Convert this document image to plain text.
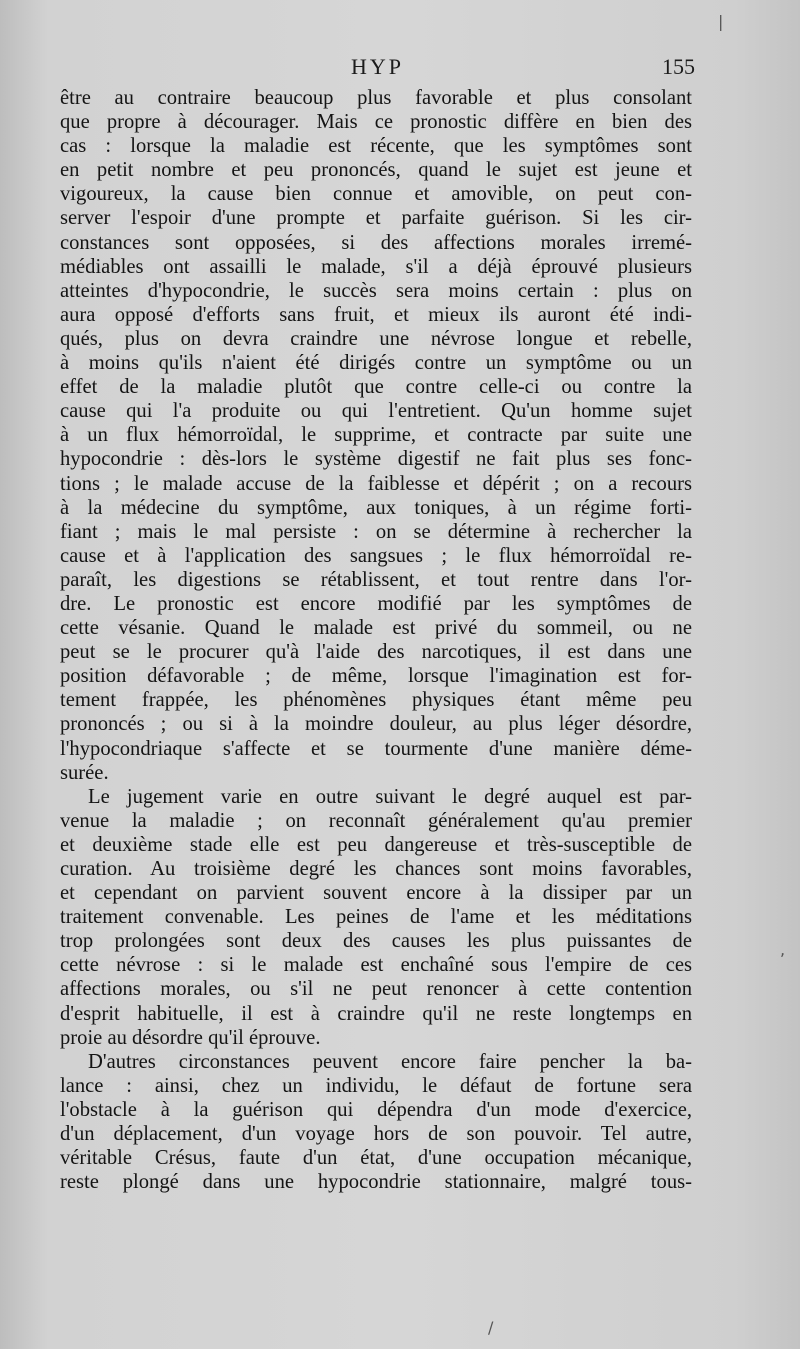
|
,
/
HYP	155

être au contraire beaucoup plus favorable et plus consolant
que propre à décourager. Mais ce pronostic diffère en bien des
cas : lorsque la maladie est récente, que les symptômes sont
en petit nombre et peu prononcés, quand le sujet est jeune et
vigoureux, la cause bien connue et amovible, on peut con-
server l'espoir d'une prompte et parfaite guérison. Si les cir-
constances sont opposées, si des affections morales irremé-
médiables ont assailli le malade, s'il a déjà éprouvé plusieurs
atteintes d'hypocondrie, le succès sera moins certain : plus on
aura opposé d'efforts sans fruit, et mieux ils auront été indi-
qués, plus on devra craindre une névrose longue et rebelle,
à moins qu'ils n'aient été dirigés contre un symptôme ou un
effet de la maladie plutôt que contre celle-ci ou contre la
cause qui l'a produite ou qui l'entretient. Qu'un homme sujet
à un flux hémorroïdal, le supprime, et contracte par suite une
hypocondrie : dès-lors le système digestif ne fait plus ses fonc-
tions ; le malade accuse de la faiblesse et dépérit ; on a recours
à la médecine du symptôme, aux toniques, à un régime forti-
fiant ; mais le mal persiste : on se détermine à rechercher la
cause et à l'application des sangsues ; le flux hémorroïdal re-
paraît, les digestions se rétablissent, et tout rentre dans l'or-
dre. Le pronostic est encore modifié par les symptômes de
cette vésanie. Quand le malade est privé du sommeil, ou ne
peut se le procurer qu'à l'aide des narcotiques, il est dans une
position défavorable ; de même, lorsque l'imagination est for-
tement frappée, les phénomènes physiques étant même peu
prononcés ; ou si à la moindre douleur, au plus léger désordre,
l'hypocondriaque s'affecte et se tourmente d'une manière déme-
surée.

Le jugement varie en outre suivant le degré auquel est par-
venue la maladie ; on reconnaît généralement qu'au premier
et deuxième stade elle est peu dangereuse et très-susceptible de
curation. Au troisième degré les chances sont moins favorables,
et cependant on parvient souvent encore à la dissiper par un
traitement convenable. Les peines de l'ame et les méditations
trop prolongées sont deux des causes les plus puissantes de
cette névrose : si le malade est enchaîné sous l'empire de ces
affections morales, ou s'il ne peut renoncer à cette contention
d'esprit habituelle, il est à craindre qu'il ne reste longtemps en
proie au désordre qu'il éprouve.

D'autres circonstances peuvent encore faire pencher la ba-
lance : ainsi, chez un individu, le défaut de fortune sera
l'obstacle à la guérison qui dépendra d'un mode d'exercice,
d'un déplacement, d'un voyage hors de son pouvoir. Tel autre,
véritable Crésus, faute d'un état, d'une occupation mécanique,
reste plongé dans une hypocondrie stationnaire, malgré tous-
